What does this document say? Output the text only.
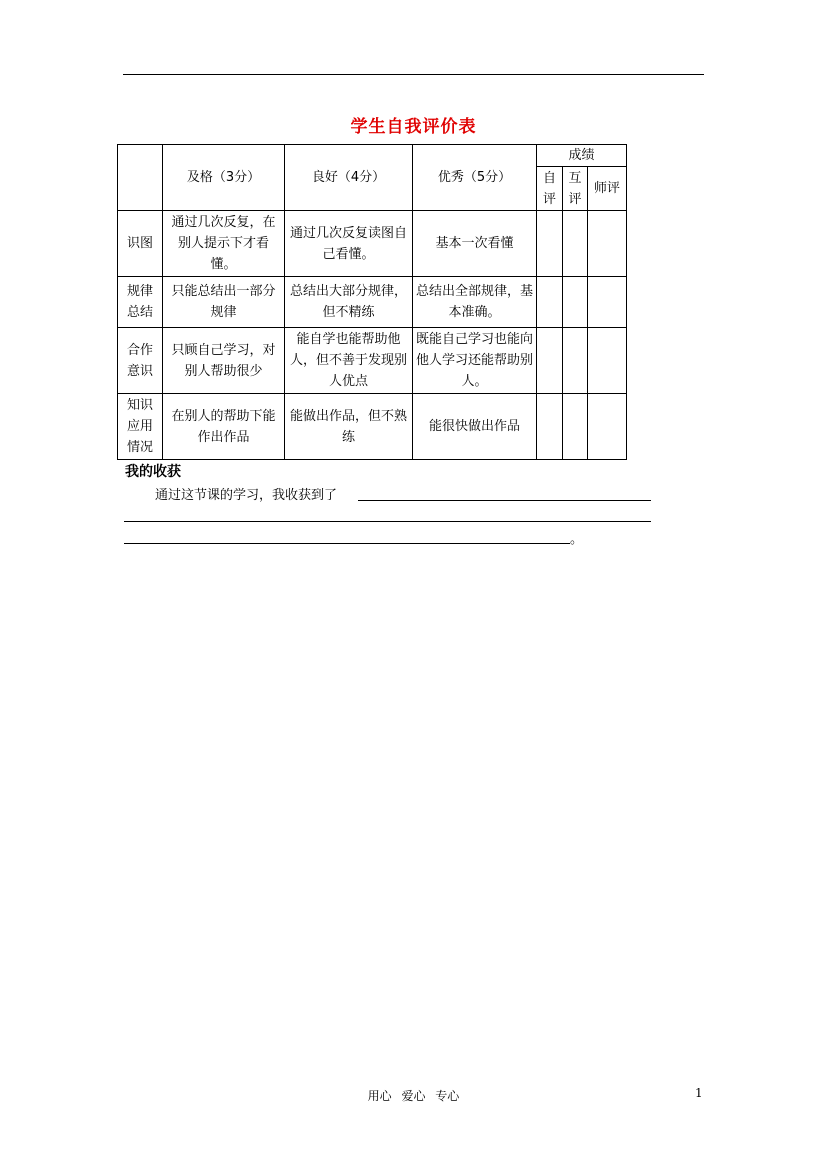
学生自我评价表
	及格（3分）	良好（4分）	优秀（5分）	成绩		
				自评	互评	师评
识图	通过几次反复，在别人提示下才看懂。	通过几次反复读图自己看懂。	基本一次看懂			
规律总结	只能总结出一部分规律	总结出大部分规律，但不精练	总结出全部规律，基本准确。			
合作意识	只顾自己学习，对别人帮助很少	能自学也能帮助他人，但不善于发现别人优点	既能自己学习也能向他人学习还能帮助别人。			
知识应用情况	在别人的帮助下能作出作品	能做出作品，但不熟练	能很快做出作品			
我的收获
通过这节课的学习，我收获到了
。
用心 爱心 专心	1
